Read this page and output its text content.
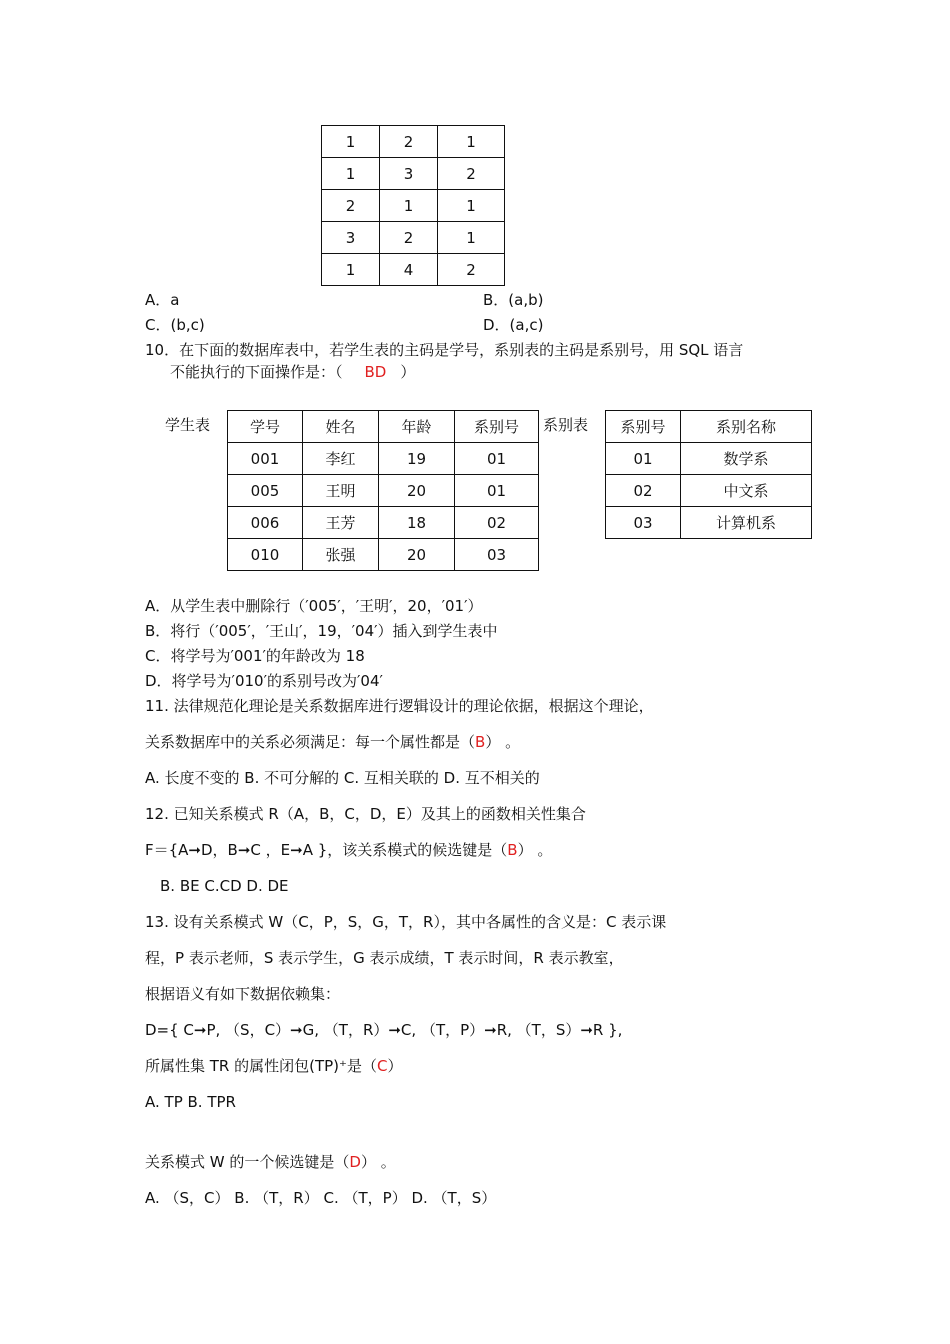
1	2	1
1	3	2
2	1	1
3	2	1
1	4	2
A．a	B．(a,b)
C．(b,c)	D．(a,c)
10．在下面的数据库表中，若学生表的主码是学号，系别表的主码是系别号，用 SQL 语言
不能执行的下面操作是：（ BD ）
学生表	学号	姓名	年龄	系别号
001	李红	19	01
005	王明	20	01
006	王芳	18	02
010	张强	20	03
系别表 系别号	系别名称
01	数学系
02	中文系
03	计算机系
A．从学生表中删除行（′005′，′王明′，20，′01′）
B．将行（′005′，′王山′，19，′04′）插入到学生表中
C．将学号为′001′的年龄改为 18
D．将学号为′010′的系别号改为′04′
11. 法律规范化理论是关系数据库进行逻辑设计的理论依据，根据这个理论，
关系数据库中的关系必须满足：每一个属性都是（B） 。
A. 长度不变的 B. 不可分解的 C. 互相关联的 D. 互不相关的
12. 已知关系模式 R（A，B，C，D，E）及其上的函数相关性集合
F＝{A➞D，B➞C ，E➞A }，该关系模式的候选键是（B） 。
B. BE C.CD D. DE
13. 设有关系模式 W（C，P，S，G，T，R），其中各属性的含义是：C 表示课
程，P 表示老师，S 表示学生，G 表示成绩，T 表示时间，R 表示教室，
根据语义有如下数据依赖集：
D={ C➞P, （S，C）➞G, （T，R）➞C, （T，P）➞R, （T，S）➞R },
所属性集 TR 的属性闭包(TP)⁺是（C）
A. TP B. TPR
关系模式 W 的一个候选键是（D） 。
A. （S，C） B. （T，R） C. （T，P） D. （T，S）
